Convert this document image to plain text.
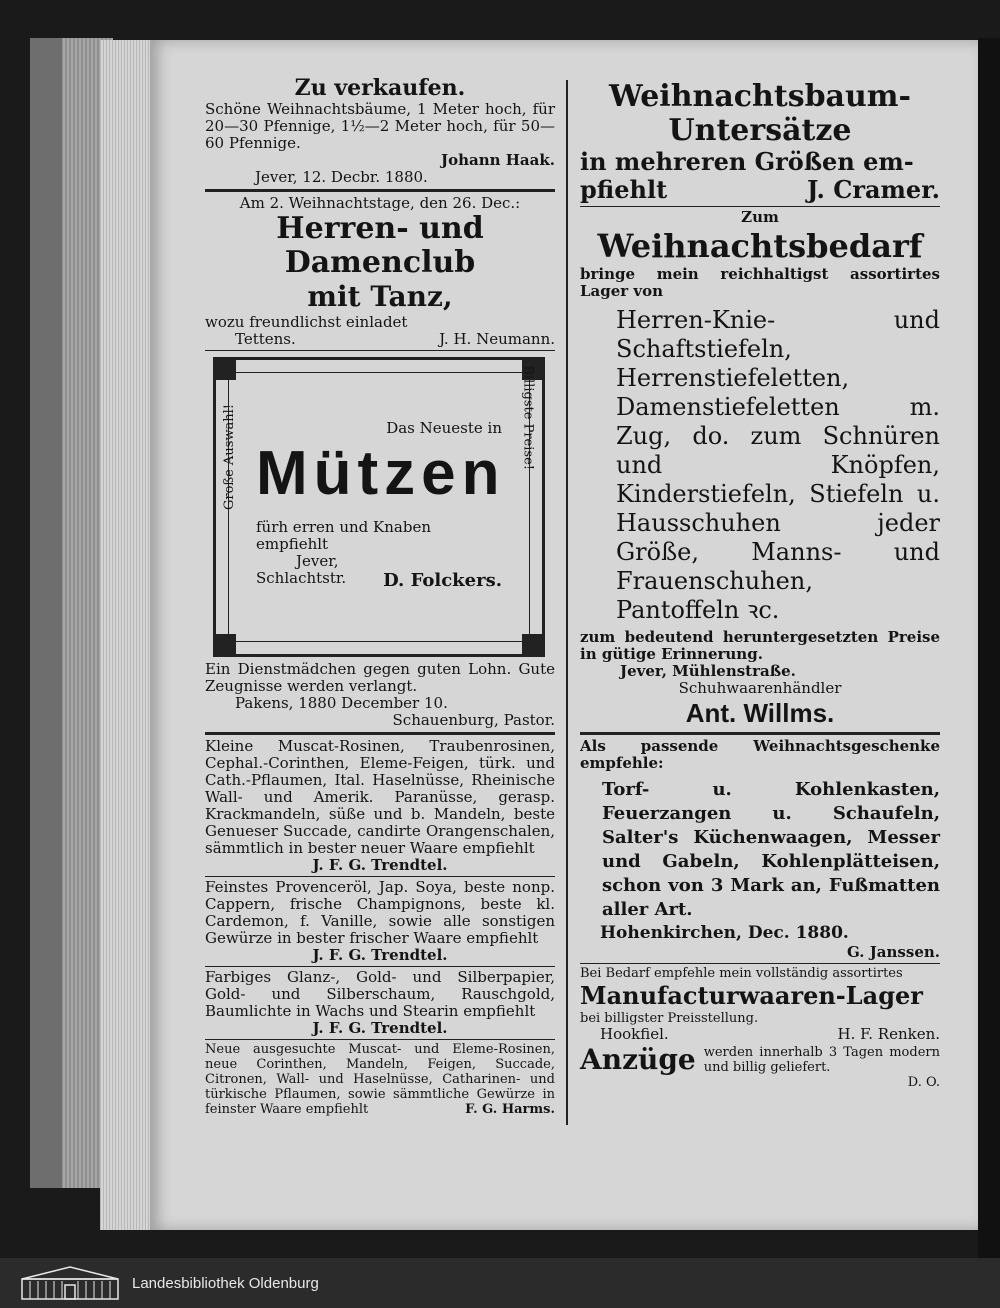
Zu verkaufen.
Schöne Weihnachtsbäume, 1 Meter hoch, für 20—30 Pfennige, 1½—2 Meter hoch, für 50—60 Pfennige.
Johann Haak.
Jever, 12. Decbr. 1880.
Am 2. Weihnachtstage, den 26. Dec.:
Herren- und Damenclub
mit Tanz,
wozu freundlichst einladet
Tettens.	J. H. Neumann.
Große Auswahl!	Billigste Preise!
Das Neueste in
Mützen
fürh erren und Knaben empfiehlt
Jever,
Schlachtstr. D. Folckers.
Ein Dienstmädchen gegen guten Lohn. Gute Zeugnisse werden verlangt.
Pakens, 1880 December 10.
Schauenburg, Pastor.
Kleine Muscat-Rosinen, Traubenrosinen, Cephal.-Corinthen, Eleme-Feigen, türk. und Cath.-Pflaumen, Ital. Haselnüsse, Rheinische Wall- und Amerik. Paranüsse, gerasp. Krackmandeln, süße und b. Mandeln, beste Genueser Succade, candirte Orangenschalen, sämmtlich in bester neuer Waare empfiehlt
J. F. G. Trendtel.
Feinstes Provenceröl, Jap. Soya, beste nonp. Cappern, frische Champignons, beste kl. Cardemon, f. Vanille, sowie alle sonstigen Gewürze in bester frischer Waare empfiehlt
J. F. G. Trendtel.
Farbiges Glanz-, Gold- und Silberpapier, Gold- und Silberschaum, Rauschgold, Baumlichte in Wachs und Stearin empfiehlt
J. F. G. Trendtel.
Neue ausgesuchte Muscat- und Eleme-Rosinen, neue Corinthen, Mandeln, Feigen, Succade, Citronen, Wall- und Haselnüsse, Catharinen- und türkische Pflaumen, sowie sämmtliche Gewürze in feinster Waare empfiehlt	F. G. Harms.
Weihnachtsbaum-
Untersätze
in mehreren Größen em-
pfiehlt	J. Cramer.
Zum
Weihnachtsbedarf
bringe mein reichhaltigst assortirtes Lager von
Herren-Knie- und Schaftstiefeln, Herrenstiefeletten, Damenstiefeletten m. Zug, do. zum Schnüren und Knöpfen, Kinderstiefeln, Stiefeln u. Hausschuhen jeder Größe, Manns- und Frauenschuhen, Pantoffeln ꝛc.
zum bedeutend heruntergesetzten Preise in gütige Erinnerung.
Jever, Mühlenstraße.
Schuhwaarenhändler
Ant. Willms.
Als passende Weihnachtsgeschenke empfehle:
Torf- u. Kohlenkasten, Feuerzangen u. Schaufeln, Salter's Küchenwaagen, Messer und Gabeln, Kohlenplätteisen, schon von 3 Mark an, Fußmatten aller Art.
Hohenkirchen, Dec. 1880.
G. Janssen.
Bei Bedarf empfehle mein vollständig assortirtes
Manufacturwaaren-Lager
bei billigster Preisstellung.
Hookfiel.	H. F. Renken.
Anzüge werden innerhalb 3 Tagen modern und billig geliefert.
D. O.
Landesbibliothek Oldenburg
